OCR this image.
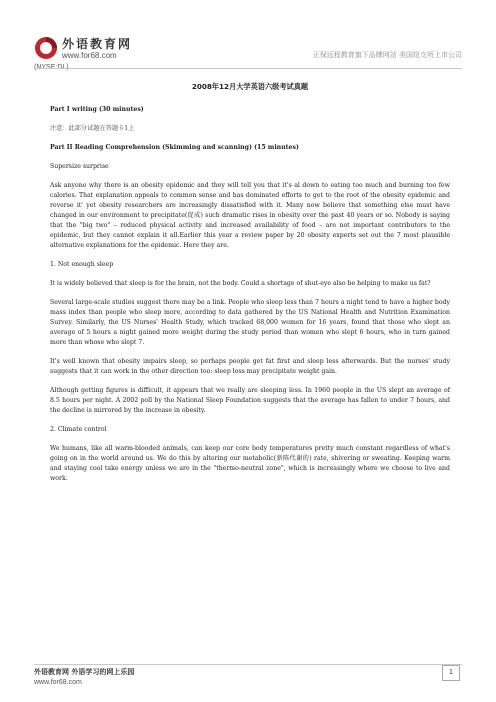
外语教育网
www.for68.com
(NYSE:DL)
正保远程教育旗下品牌网站 美国纽交所上市公司
2008年12月大学英语六级考试真题
Part I writing (30 minutes)
注意：此部分试题在答题卡1上
Part II Reading Comprehension (Skimming and scanning) (15 minutes)
Supersize surprise
Ask anyone why there is an obesity epidemic and they will tell you that it's al down to eating too much and burning too few calories. That explanation appeals to common sense and has dominated efforts to get to the root of the obesity epidemic and reverse it' yet obesity researchers are increasingly dissatisfied with it. Many now believe that something else must have changed in our environment to precipitate(促成) such dramatic rises in obesity over the past 40 years or so. Nobody is saying that the "big two" – reduced physical activity and increased availability of food – are not important contributors to the epidemic, but they cannot explain it all.Earlier this year a review paper by 20 obesity experts set out the 7 most plausible alternative explanations for the epidemic. Here they are.
1. Not enough sleep
It is widely believed that sleep is for the brain, not the body. Could a shortage of shut-eye also be helping to make us fat?
Several large-scale studies suggest there may be a link. People who sleep less than 7 hours a night tend to have a higher body mass index than people who sleep more, according to data gathered by the US National Health and Nutrition Examination Survey. Similarly, the US Nurses' Health Study, which tracked 68,000 women for 16 years, found that those who slept an average of 5 hours a night gained more weight during the study period than women who slept 6 hours, who in turn gained more than whose who slept 7.
It's well known that obesity impairs sleep, so perhaps people get fat first and sleep less afterwards. But the nurses' study suggests that it can work in the other direction too: sleep loss may precipitate weight gain.
Although getting figures is difficult, it appears that we really are sleeping less. In 1960 people in the US slept an average of 8.5 hours per night. A 2002 poll by the National Sleep Foundation suggests that the average has fallen to under 7 hours, and the decline is mirrored by the increase in obesity.
2. Climate control
We humans, like all warm-blooded animals, can keep our core body temperatures pretty much constant regardless of what's going on in the world around us. We do this by altering our metabolic(新陈代谢的) rate, shivering or sweating. Keeping warm and staying cool take energy unless we are in the "thermo-neutral zone", which is increasingly where we choose to live and work.
外语教育网 外语学习的网上乐园
www.for68.com
1
